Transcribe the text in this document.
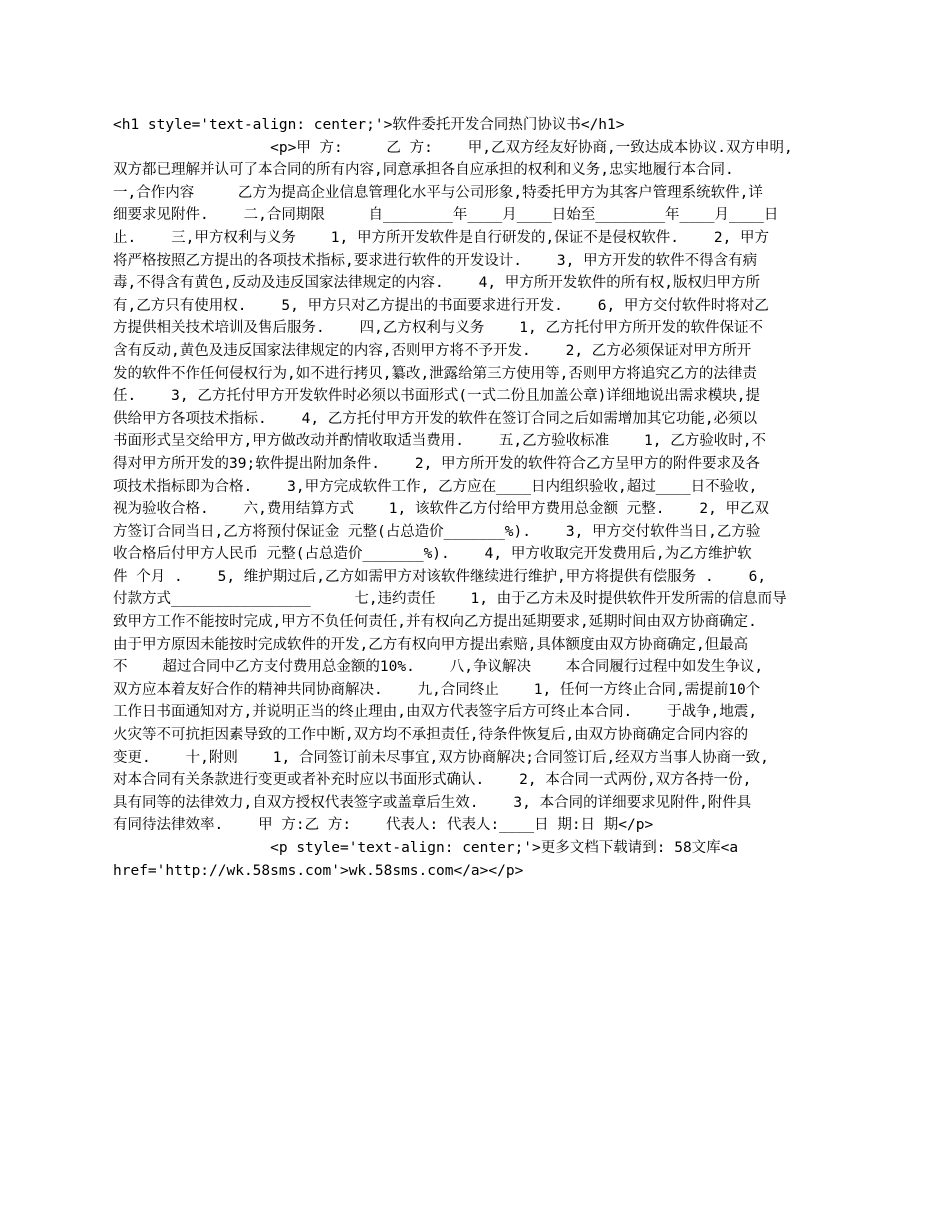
<h1 style='text-align: center;'>软件委托开发合同热门协议书</h1>
<p>甲 方:     乙 方:    甲,乙双方经友好协商,一致达成本协议.双方申明,
双方都已理解并认可了本合同的所有内容,同意承担各自应承担的权利和义务,忠实地履行本合同.
一,合作内容     乙方为提高企业信息管理化水平与公司形象,特委托甲方为其客户管理系统软件,详
细要求见附件.    二,合同期限     自________年____月____日始至________年____月____日
止.    三,甲方权利与义务    1, 甲方所开发软件是自行研发的,保证不是侵权软件.    2, 甲方
将严格按照乙方提出的各项技术指标,要求进行软件的开发设计.    3, 甲方开发的软件不得含有病
毒,不得含有黄色,反动及违反国家法律规定的内容.    4, 甲方所开发软件的所有权,版权归甲方所
有,乙方只有使用权.    5, 甲方只对乙方提出的书面要求进行开发.    6, 甲方交付软件时将对乙
方提供相关技术培训及售后服务.    四,乙方权利与义务    1, 乙方托付甲方所开发的软件保证不
含有反动,黄色及违反国家法律规定的内容,否则甲方将不予开发.    2, 乙方必须保证对甲方所开
发的软件不作任何侵权行为,如不进行拷贝,纂改,泄露给第三方使用等,否则甲方将追究乙方的法律责
任.    3, 乙方托付甲方开发软件时必须以书面形式(一式二份且加盖公章)详细地说出需求模块,提
供给甲方各项技术指标.    4, 乙方托付甲方开发的软件在签订合同之后如需增加其它功能,必须以
书面形式呈交给甲方,甲方做改动并酌情收取适当费用.    五,乙方验收标准    1, 乙方验收时,不
得对甲方所开发的39;软件提出附加条件.    2, 甲方所开发的软件符合乙方呈甲方的附件要求及各
项技术指标即为合格.    3,甲方完成软件工作, 乙方应在____日内组织验收,超过____日不验收,
视为验收合格.    六,费用结算方式    1, 该软件乙方付给甲方费用总金额 元整.    2, 甲乙双
方签订合同当日,乙方将预付保证金 元整(占总造价_______%).    3, 甲方交付软件当日,乙方验
收合格后付甲方人民币 元整(占总造价_______%).    4, 甲方收取完开发费用后,为乙方维护软
件 个月 .    5, 维护期过后,乙方如需甲方对该软件继续进行维护,甲方将提供有偿服务 .    6,
付款方式________________     七,违约责任    1, 由于乙方未及时提供软件开发所需的信息而导
致甲方工作不能按时完成,甲方不负任何责任,并有权向乙方提出延期要求,延期时间由双方协商确定.
由于甲方原因未能按时完成软件的开发,乙方有权向甲方提出索赔,具体额度由双方协商确定,但最高
不    超过合同中乙方支付费用总金额的10%.    八,争议解决    本合同履行过程中如发生争议,
双方应本着友好合作的精神共同协商解决.    九,合同终止    1, 任何一方终止合同,需提前10个
工作日书面通知对方,并说明正当的终止理由,由双方代表签字后方可终止本合同.    于战争,地震,
火灾等不可抗拒因素导致的工作中断,双方均不承担责任,待条件恢复后,由双方协商确定合同内容的
变更.    十,附则    1, 合同签订前未尽事宜,双方协商解决;合同签订后,经双方当事人协商一致,
对本合同有关条款进行变更或者补充时应以书面形式确认.    2, 本合同一式两份,双方各持一份,
具有同等的法律效力,自双方授权代表签字或盖章后生效.    3, 本合同的详细要求见附件,附件具
有同待法律效率.    甲 方:乙 方:    代表人: 代表人:____日 期:日 期</p>
<p style='text-align: center;'>更多文档下载请到: 58文库<a
href='http://wk.58sms.com'>wk.58sms.com</a></p>
